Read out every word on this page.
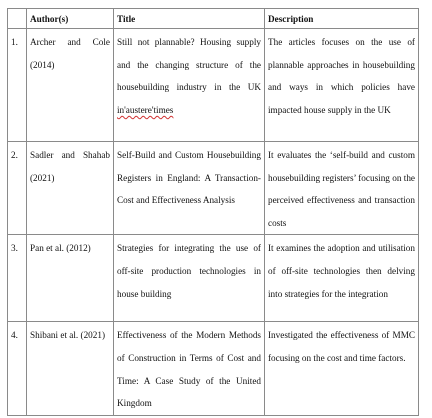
	Author(s)	Title	Description
1.	Archer and Cole (2014)	Still not plannable? Housing supply and the changing structure of the housebuilding industry in the UK in'austere'times	The articles focuses on the use of plannable approaches in housebuilding and ways in which policies have impacted house supply in the UK
2.	Sadler and Shahab (2021)	Self-Build and Custom Housebuilding Registers in England: A Transaction-Cost and Effectiveness Analysis	It evaluates the ‘self-build and custom housebuilding registers’ focusing on the perceived effectiveness and transaction costs
3.	Pan et al. (2012)	Strategies for integrating the use of off-site production technologies in house building	It examines the adoption and utilisation of off-site technologies then delving into strategies for the integration
4.	Shibani et al. (2021)	Effectiveness of the Modern Methods of Construction in Terms of Cost and Time: A Case Study of the United Kingdom	Investigated the effectiveness of MMC focusing on the cost and time factors.
